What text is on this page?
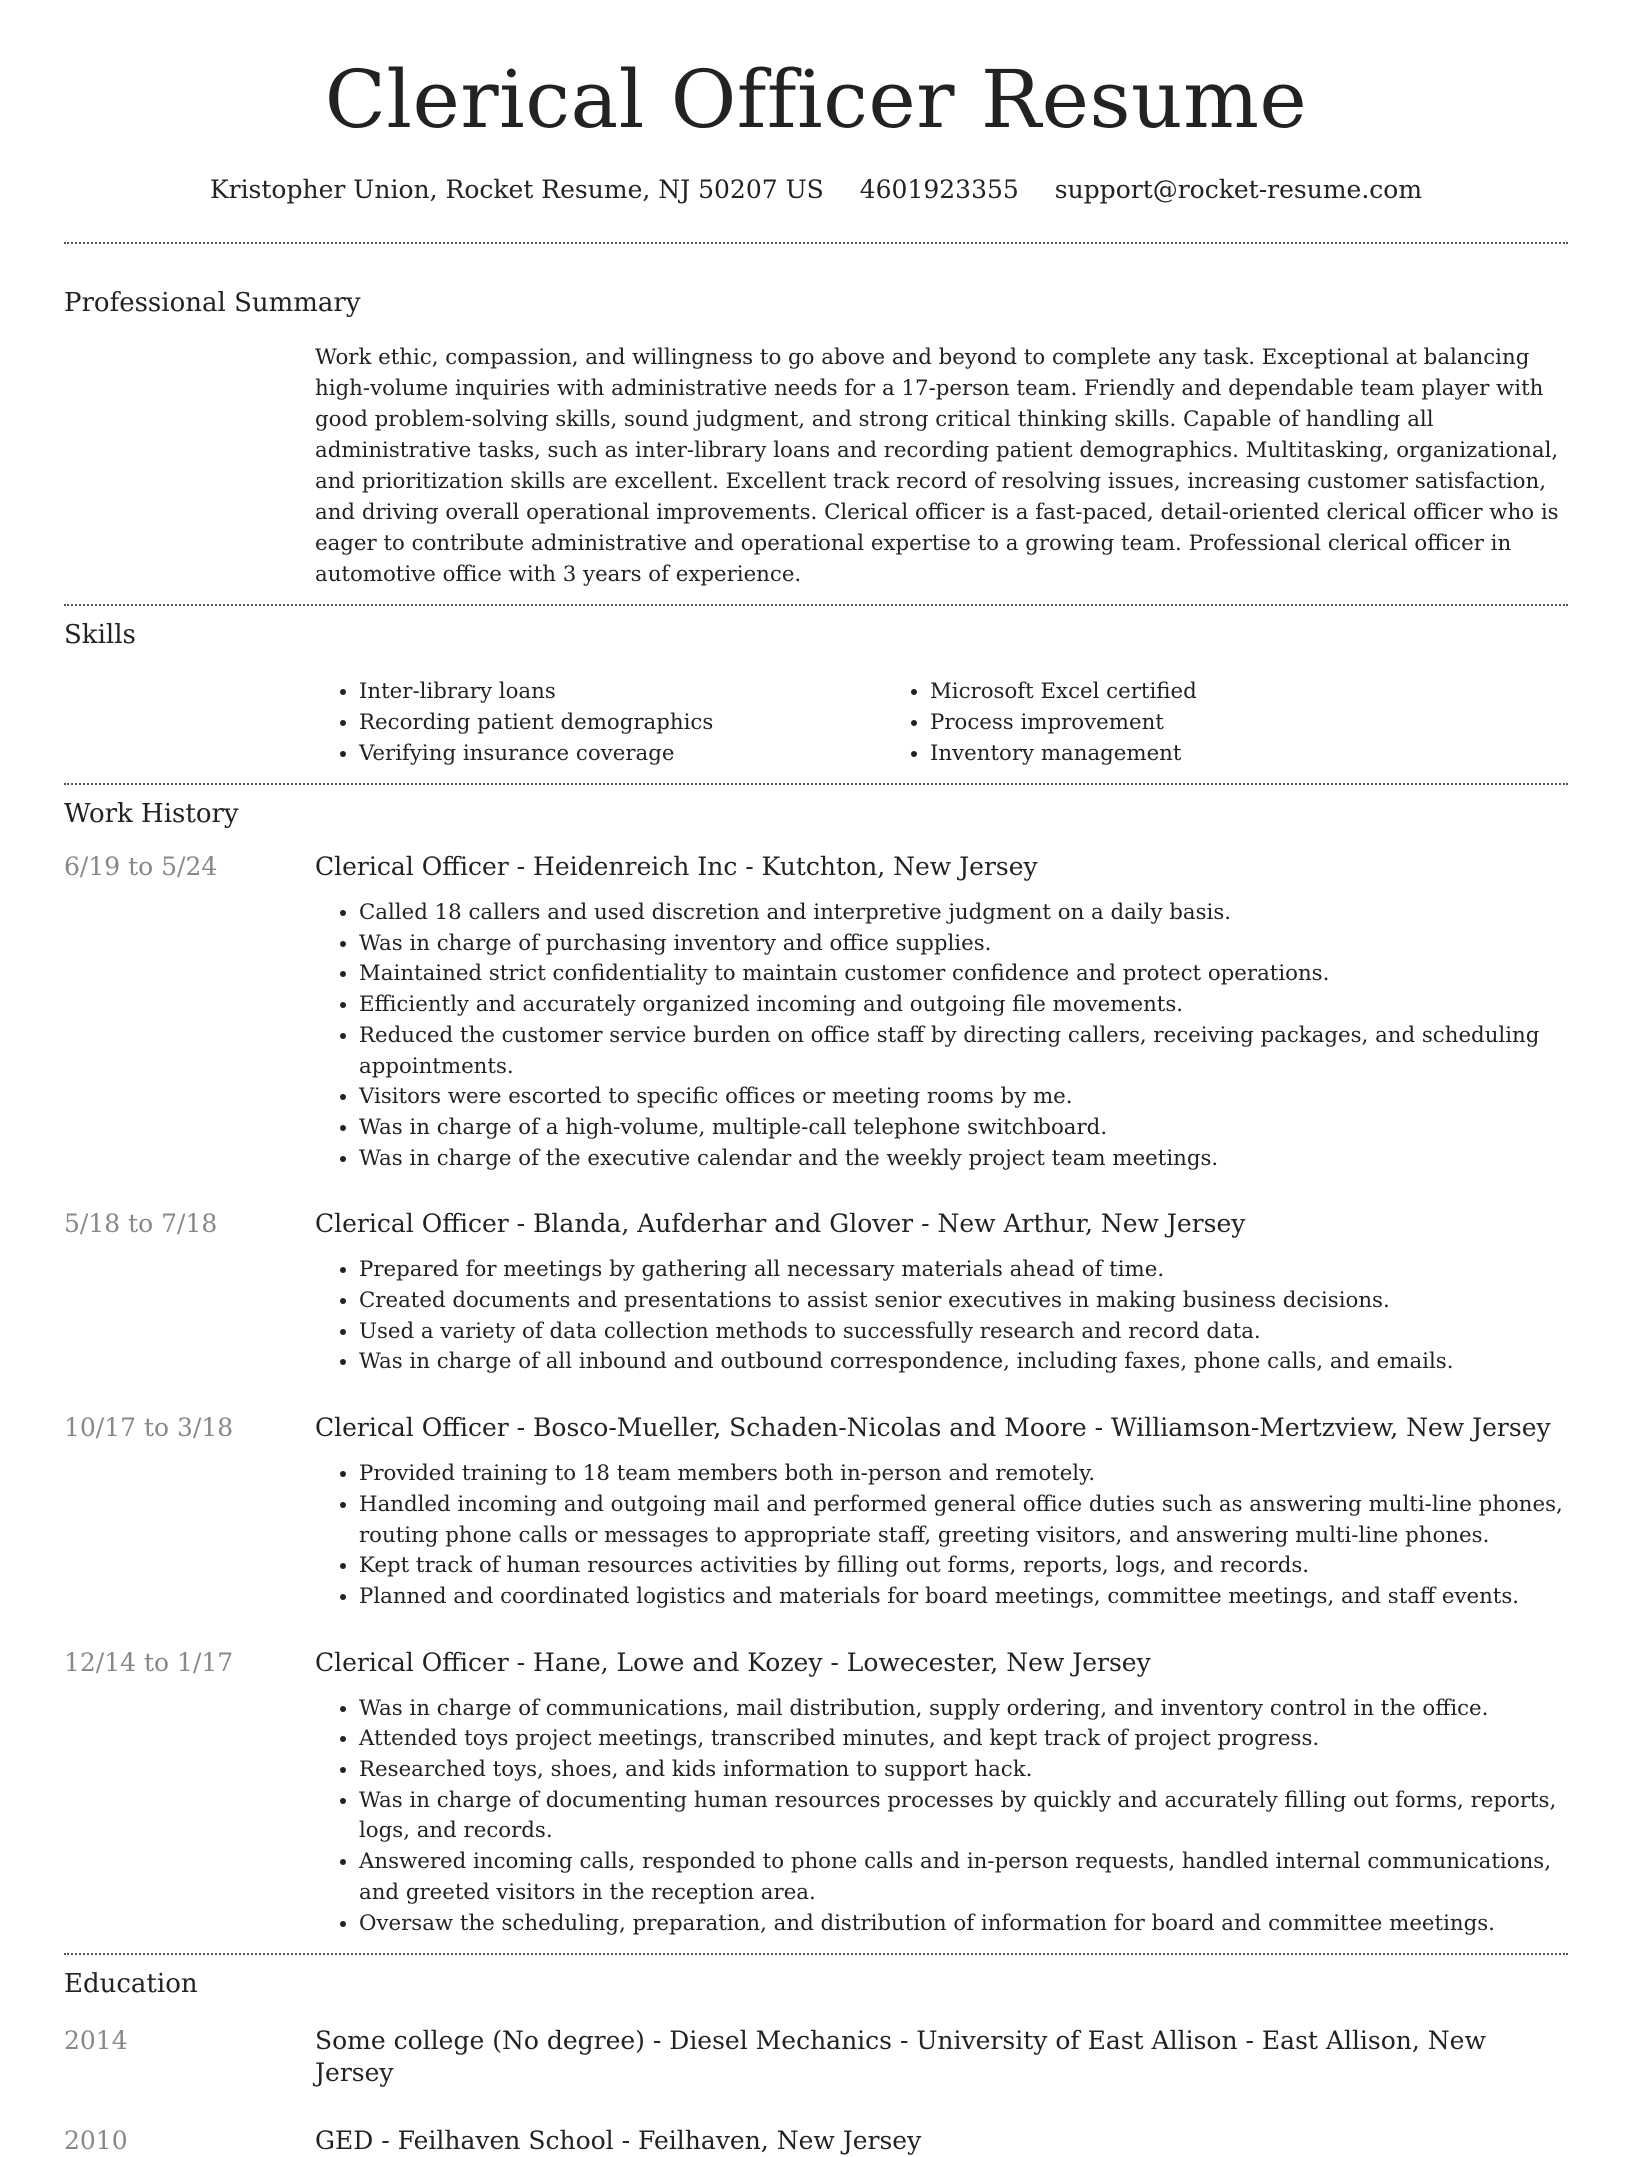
Clerical Officer Resume
Kristopher Union, Rocket Resume, NJ 50207 US 4601923355 support@rocket-resume.com
Professional Summary

Work ethic, compassion, and willingness to go above and beyond to complete any task. Exceptional at balancing high-volume inquiries with administrative needs for a 17-person team. Friendly and dependable team player with good problem-solving skills, sound judgment, and strong critical thinking skills. Capable of handling all administrative tasks, such as inter-library loans and recording patient demographics. Multitasking, organizational, and prioritization skills are excellent. Excellent track record of resolving issues, increasing customer satisfaction, and driving overall operational improvements. Clerical officer is a fast-paced, detail-oriented clerical officer who is eager to contribute administrative and operational expertise to a growing team. Professional clerical officer in automotive office with 3 years of experience.

Skills
• Inter-library loans
• Recording patient demographics
• Verifying insurance coverage
• Microsoft Excel certified
• Process improvement
• Inventory management
Work History
6/19 to 5/24	Clerical Officer - Heidenreich Inc - Kutchton, New Jersey
• Called 18 callers and used discretion and interpretive judgment on a daily basis.
• Was in charge of purchasing inventory and office supplies.
• Maintained strict confidentiality to maintain customer confidence and protect operations.
• Efficiently and accurately organized incoming and outgoing file movements.
• Reduced the customer service burden on office staff by directing callers, receiving packages, and scheduling appointments.
• Visitors were escorted to specific offices or meeting rooms by me.
• Was in charge of a high-volume, multiple-call telephone switchboard.
• Was in charge of the executive calendar and the weekly project team meetings.
5/18 to 7/18	Clerical Officer - Blanda, Aufderhar and Glover - New Arthur, New Jersey
• Prepared for meetings by gathering all necessary materials ahead of time.
• Created documents and presentations to assist senior executives in making business decisions.
• Used a variety of data collection methods to successfully research and record data.
• Was in charge of all inbound and outbound correspondence, including faxes, phone calls, and emails.
10/17 to 3/18	Clerical Officer - Bosco-Mueller, Schaden-Nicolas and Moore - Williamson-Mertzview, New Jersey
• Provided training to 18 team members both in-person and remotely.
• Handled incoming and outgoing mail and performed general office duties such as answering multi-line phones, routing phone calls or messages to appropriate staff, greeting visitors, and answering multi-line phones.
• Kept track of human resources activities by filling out forms, reports, logs, and records.
• Planned and coordinated logistics and materials for board meetings, committee meetings, and staff events.
12/14 to 1/17	Clerical Officer - Hane, Lowe and Kozey - Lowecester, New Jersey
• Was in charge of communications, mail distribution, supply ordering, and inventory control in the office.
• Attended toys project meetings, transcribed minutes, and kept track of project progress.
• Researched toys, shoes, and kids information to support hack.
• Was in charge of documenting human resources processes by quickly and accurately filling out forms, reports, logs, and records.
• Answered incoming calls, responded to phone calls and in-person requests, handled internal communications, and greeted visitors in the reception area.
• Oversaw the scheduling, preparation, and distribution of information for board and committee meetings.
Education
2014	Some college (No degree) - Diesel Mechanics - University of East Allison - East Allison, New Jersey
2010	GED - Feilhaven School - Feilhaven, New Jersey
